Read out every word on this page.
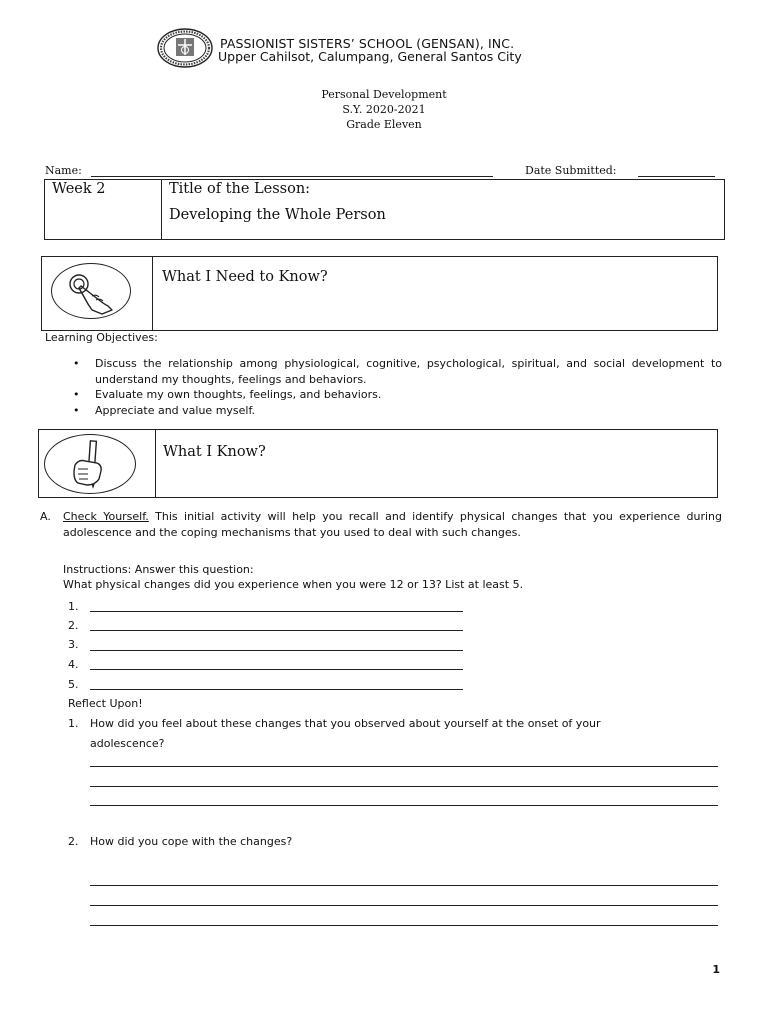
PASSIONIST SISTERS’ SCHOOL (GENSAN), INC.
Upper Cahilsot, Calumpang, General Santos City
Personal Development
S.Y. 2020-2021
Grade Eleven
Name:	Date Submitted:
Week 2	Title of the Lesson:
Developing the Whole Person
What I Need to Know?
Learning Objectives:
• Discuss the relationship among physiological, cognitive, psychological, spiritual, and social development to understand my thoughts, feelings and behaviors.
• Evaluate my own thoughts, feelings, and behaviors.
• Appreciate and value myself.
What I Know?
A. Check Yourself. This initial activity will help you recall and identify physical changes that you experience during adolescence and the coping mechanisms that you used to deal with such changes.
Instructions: Answer this question:
What physical changes did you experience when you were 12 or 13? List at least 5.
1.
2.
3.
4.
5.
Reflect Upon!
1. How did you feel about these changes that you observed about yourself at the onset of your
adolescence?
2. How did you cope with the changes?
1
